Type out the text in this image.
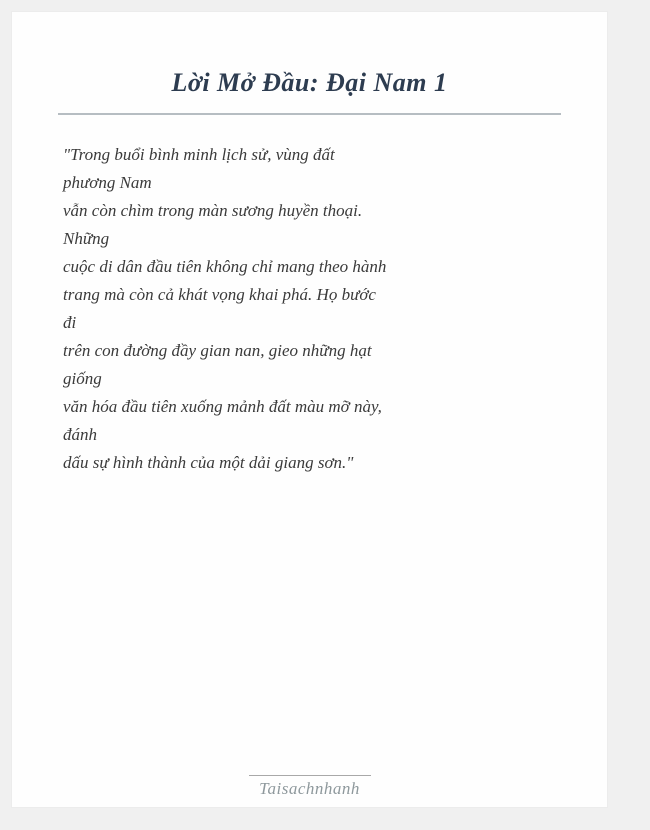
Lời Mở Đầu: Đại Nam 1
"Trong buổi bình minh lịch sử, vùng đất
phương Nam
vẫn còn chìm trong màn sương huyền thoại.
Những
cuộc di dân đầu tiên không chỉ mang theo hành
trang mà còn cả khát vọng khai phá. Họ bước
đi
trên con đường đầy gian nan, gieo những hạt
giống
văn hóa đầu tiên xuống mảnh đất màu mỡ này,
đánh
dấu sự hình thành của một dải giang sơn."
Taisachnhanh
